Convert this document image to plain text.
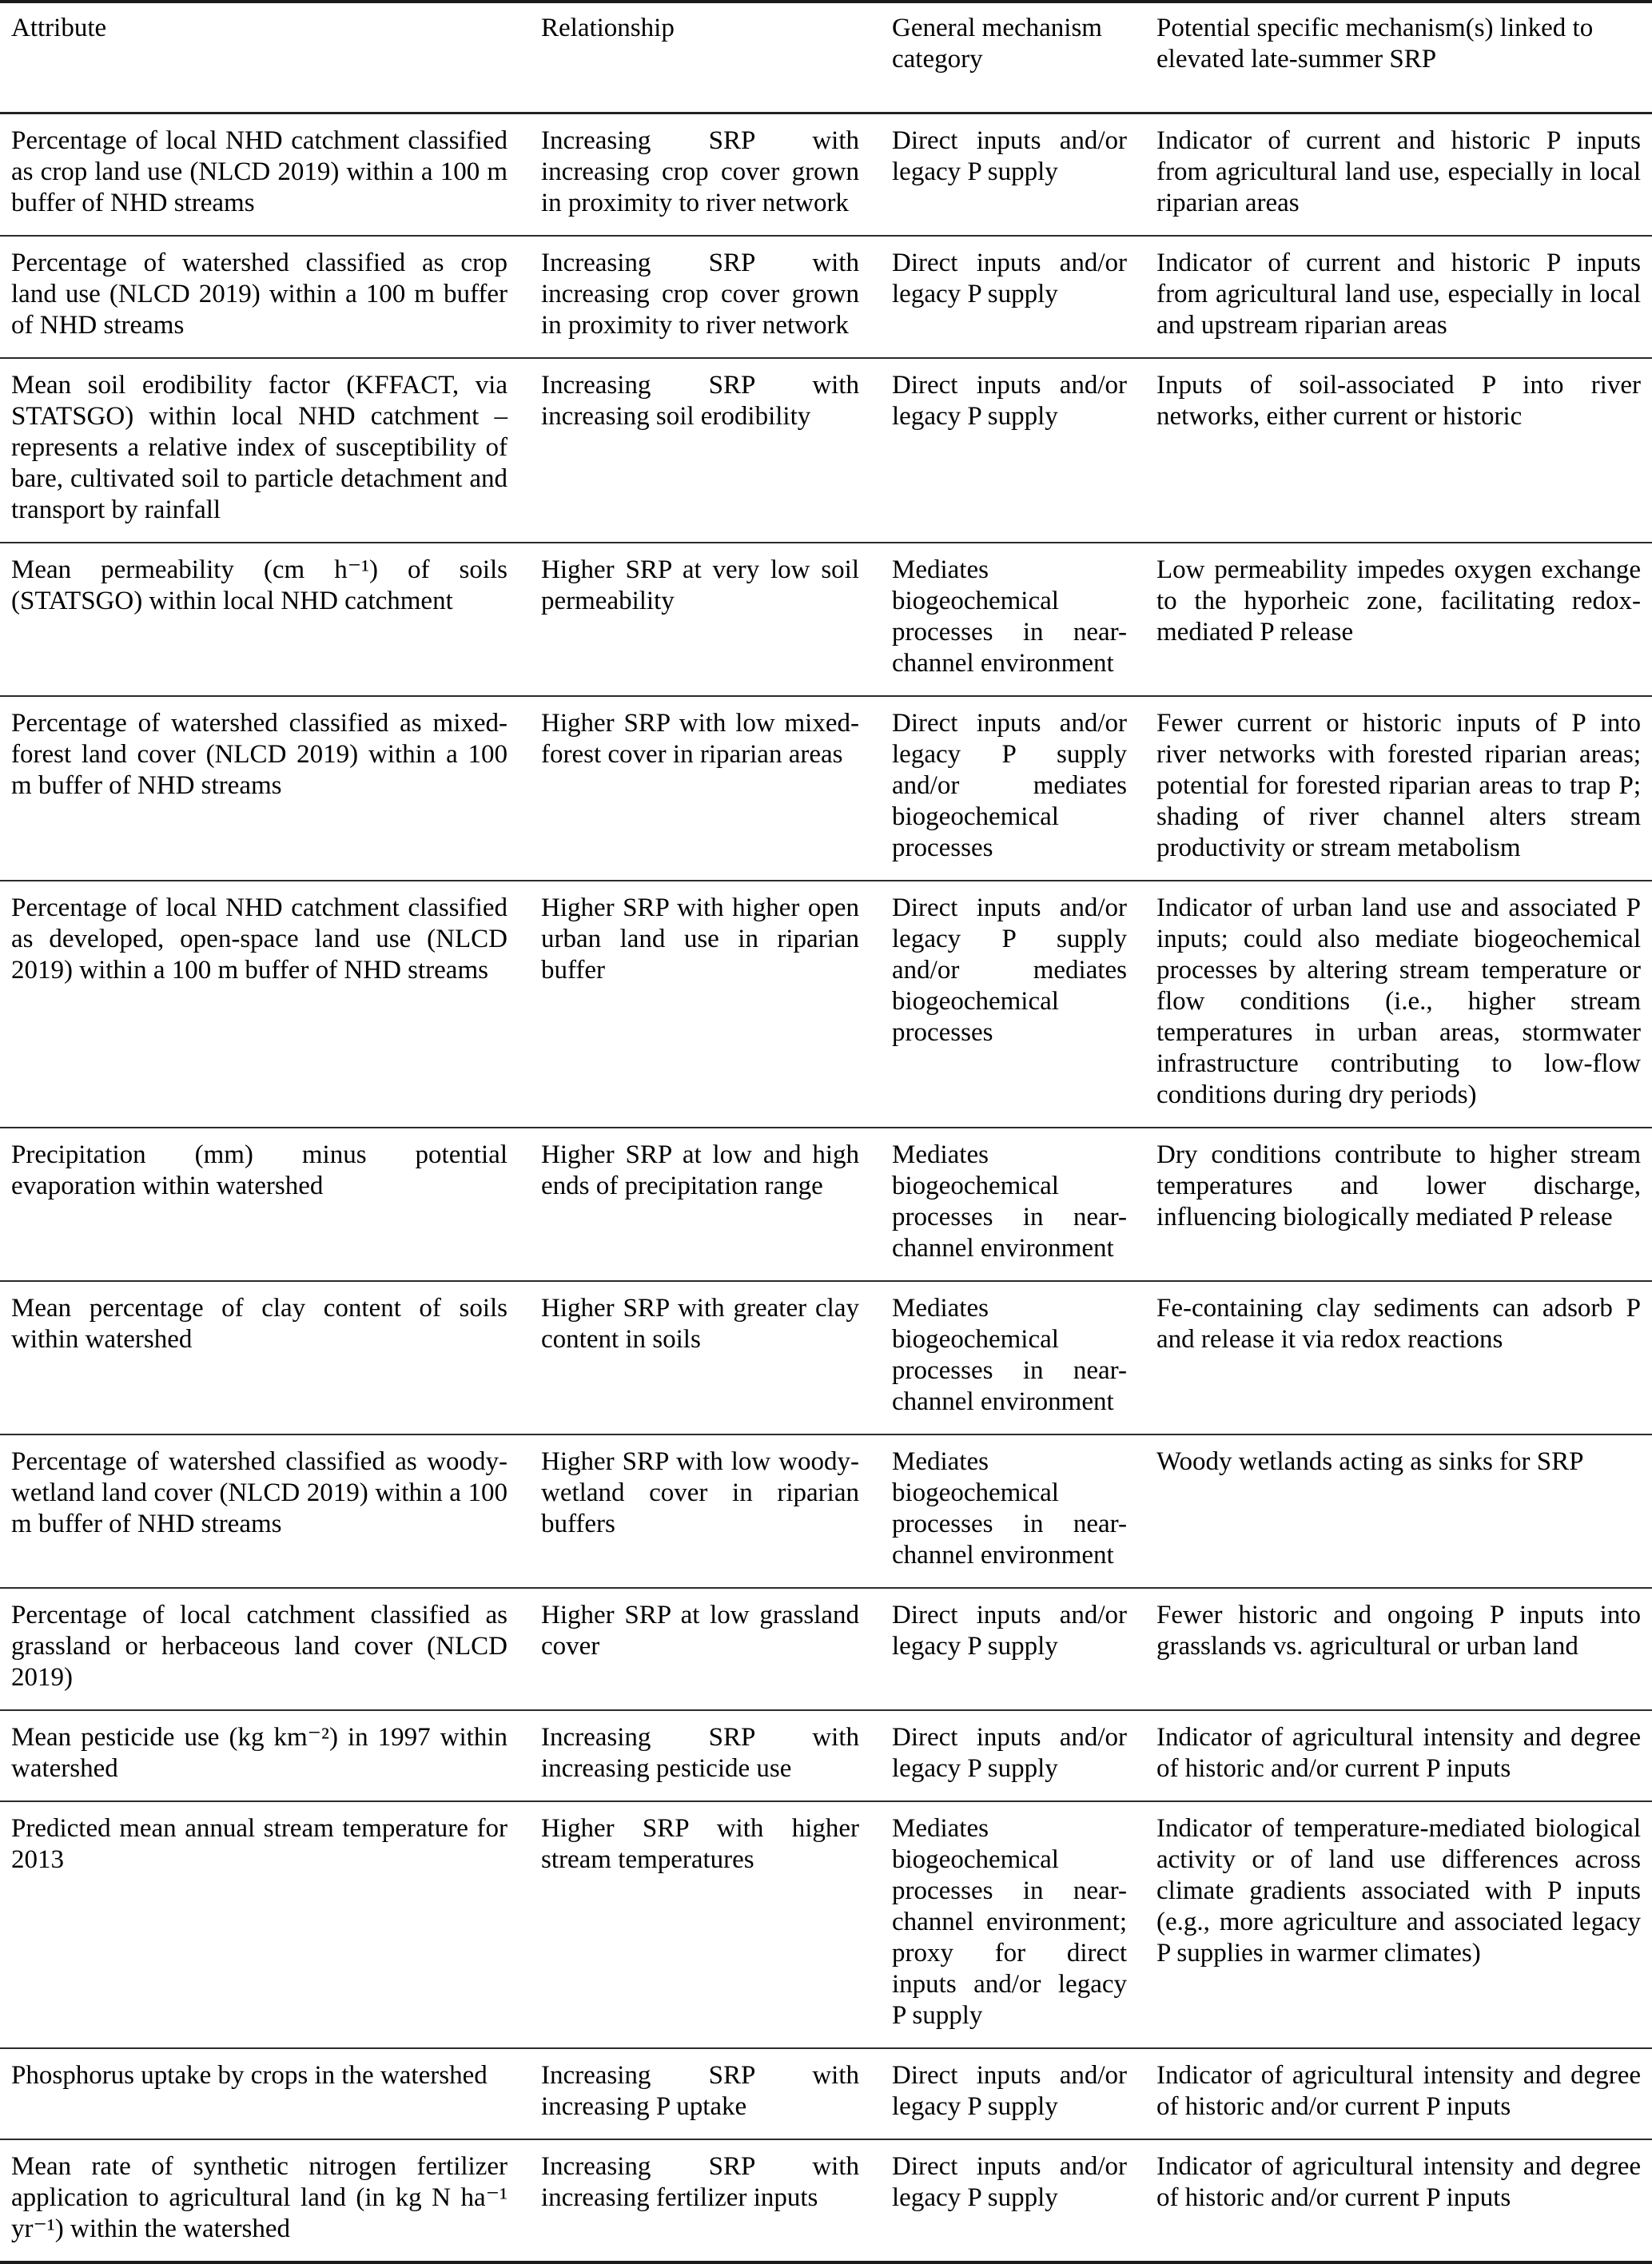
Attribute	Relationship	General mechanism category	Potential specific mechanism(s) linked to elevated late-summer SRP
Percentage of local NHD catchment classified as crop land use (NLCD 2019) within a 100 m buffer of NHD streams	Increasing SRP with increasing crop cover grown in proximity to river network	Direct inputs and/or legacy P supply	Indicator of current and historic P inputs from agricultural land use, especially in local riparian areas
Percentage of watershed classified as crop land use (NLCD 2019) within a 100 m buffer of NHD streams	Increasing SRP with increasing crop cover grown in proximity to river network	Direct inputs and/or legacy P supply	Indicator of current and historic P inputs from agricultural land use, especially in local and upstream riparian areas
Mean soil erodibility factor (KFFACT, via STATSGO) within local NHD catchment – represents a relative index of susceptibility of bare, cultivated soil to particle detachment and transport by rainfall	Increasing SRP with increasing soil erodibility	Direct inputs and/or legacy P supply	Inputs of soil-associated P into river networks, either current or historic
Mean permeability (cm h⁻¹) of soils (STATSGO) within local NHD catchment	Higher SRP at very low soil permeability	Mediates biogeochemical processes in near-channel environment	Low permeability impedes oxygen exchange to the hyporheic zone, facilitating redox-mediated P release
Percentage of watershed classified as mixed-forest land cover (NLCD 2019) within a 100 m buffer of NHD streams	Higher SRP with low mixed-forest cover in riparian areas	Direct inputs and/or legacy P supply and/or mediates biogeochemical processes	Fewer current or historic inputs of P into river networks with forested riparian areas; potential for forested riparian areas to trap P; shading of river channel alters stream productivity or stream metabolism
Percentage of local NHD catchment classified as developed, open-space land use (NLCD 2019) within a 100 m buffer of NHD streams	Higher SRP with higher open urban land use in riparian buffer	Direct inputs and/or legacy P supply and/or mediates biogeochemical processes	Indicator of urban land use and associated P inputs; could also mediate biogeochemical processes by altering stream temperature or flow conditions (i.e., higher stream temperatures in urban areas, stormwater infrastructure contributing to low-flow conditions during dry periods)
Precipitation (mm) minus potential evaporation within watershed	Higher SRP at low and high ends of precipitation range	Mediates biogeochemical processes in near-channel environment	Dry conditions contribute to higher stream temperatures and lower discharge, influencing biologically mediated P release
Mean percentage of clay content of soils within watershed	Higher SRP with greater clay content in soils	Mediates biogeochemical processes in near-channel environment	Fe-containing clay sediments can adsorb P and release it via redox reactions
Percentage of watershed classified as woody-wetland land cover (NLCD 2019) within a 100 m buffer of NHD streams	Higher SRP with low woody-wetland cover in riparian buffers	Mediates biogeochemical processes in near-channel environment	Woody wetlands acting as sinks for SRP
Percentage of local catchment classified as grassland or herbaceous land cover (NLCD 2019)	Higher SRP at low grassland cover	Direct inputs and/or legacy P supply	Fewer historic and ongoing P inputs into grasslands vs. agricultural or urban land
Mean pesticide use (kg km⁻²) in 1997 within watershed	Increasing SRP with increasing pesticide use	Direct inputs and/or legacy P supply	Indicator of agricultural intensity and degree of historic and/or current P inputs
Predicted mean annual stream temperature for 2013	Higher SRP with higher stream temperatures	Mediates biogeochemical processes in near-channel environment; proxy for direct inputs and/or legacy P supply	Indicator of temperature-mediated biological activity or of land use differences across climate gradients associated with P inputs (e.g., more agriculture and associated legacy P supplies in warmer climates)
Phosphorus uptake by crops in the watershed	Increasing SRP with increasing P uptake	Direct inputs and/or legacy P supply	Indicator of agricultural intensity and degree of historic and/or current P inputs
Mean rate of synthetic nitrogen fertilizer application to agricultural land (in kg N ha⁻¹ yr⁻¹) within the watershed	Increasing SRP with increasing fertilizer inputs	Direct inputs and/or legacy P supply	Indicator of agricultural intensity and degree of historic and/or current P inputs
